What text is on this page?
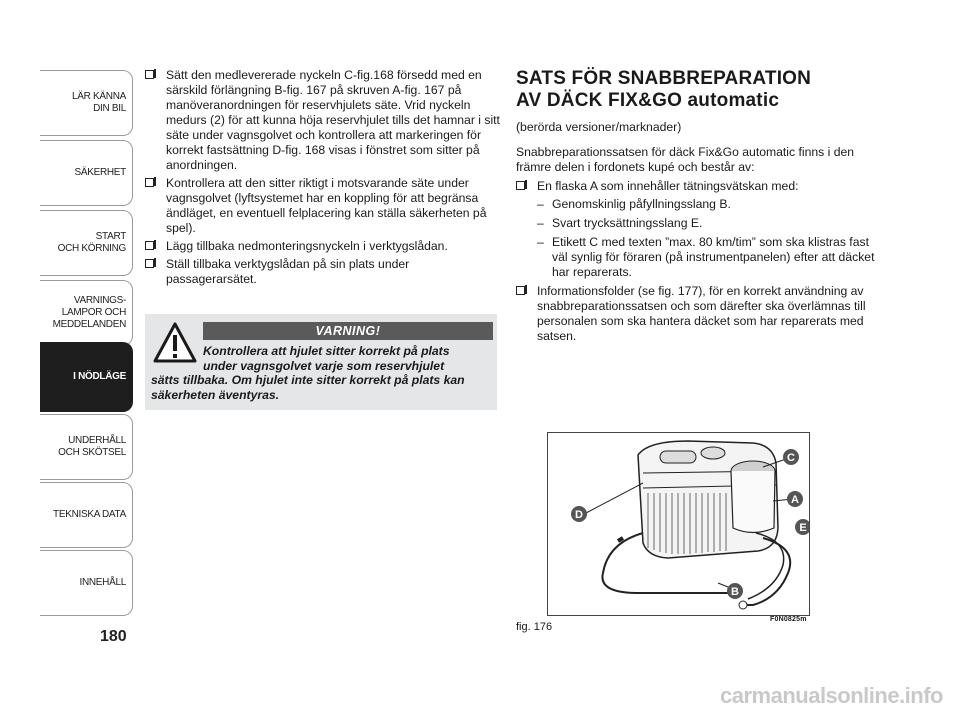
LÄR KÄNNA
DIN BIL
SÄKERHET
START
OCH KÖRNING
VARNINGS-
LAMPOR OCH
MEDDELANDEN
I NÖDLÄGE
UNDERHÅLL
OCH SKÖTSEL
TEKNISKA DATA
INNEHÅLL
180
Sätt den medlevererade nyckeln C-fig.168 försedd med en särskild förlängning B-fig. 167 på skruven A-fig. 167 på manöveranordningen för reservhjulets säte. Vrid nyckeln medurs (2) för att kunna höja reservhjulet tills det hamnar i sitt säte under vagnsgolvet och kontrollera att markeringen för korrekt fastsättning D-fig. 168 visas i fönstret som sitter på anordningen.
Kontrollera att den sitter riktigt i motsvarande säte under vagnsgolvet (lyftsystemet har en koppling för att begränsa ändläget, en eventuell felplacering kan ställa säkerheten på spel).
Lägg tillbaka nedmonteringsnyckeln i verktygslådan.
Ställ tillbaka verktygslådan på sin plats under passagerarsätet.
VARNING!
Kontrollera att hjulet sitter korrekt på plats
under vagnsgolvet varje som reservhjulet
sätts tillbaka. Om hjulet inte sitter korrekt på plats kan säkerheten äventyras.
SATS FÖR SNABBREPARATION
AV DÄCK FIX&GO automatic
(berörda versioner/marknader)
Snabbreparationssatsen för däck Fix&Go automatic finns i den främre delen i fordonets kupé och består av:
En flaska A som innehåller tätningsvätskan med:
– Genomskinlig påfyllningsslang B.
– Svart trycksättningsslang E.
– Etikett C med texten ”max. 80 km/tim” som ska klistras fast väl synlig för föraren (på instrumentpanelen) efter att däcket har reparerats.
Informationsfolder (se fig. 177), för en korrekt användning av snabbreparationssatsen och som därefter ska överlämnas till personalen som ska hantera däcket som har reparerats med satsen.
A
B
C
D
E
fig. 176
F0N0825m
carmanualsonline.info
